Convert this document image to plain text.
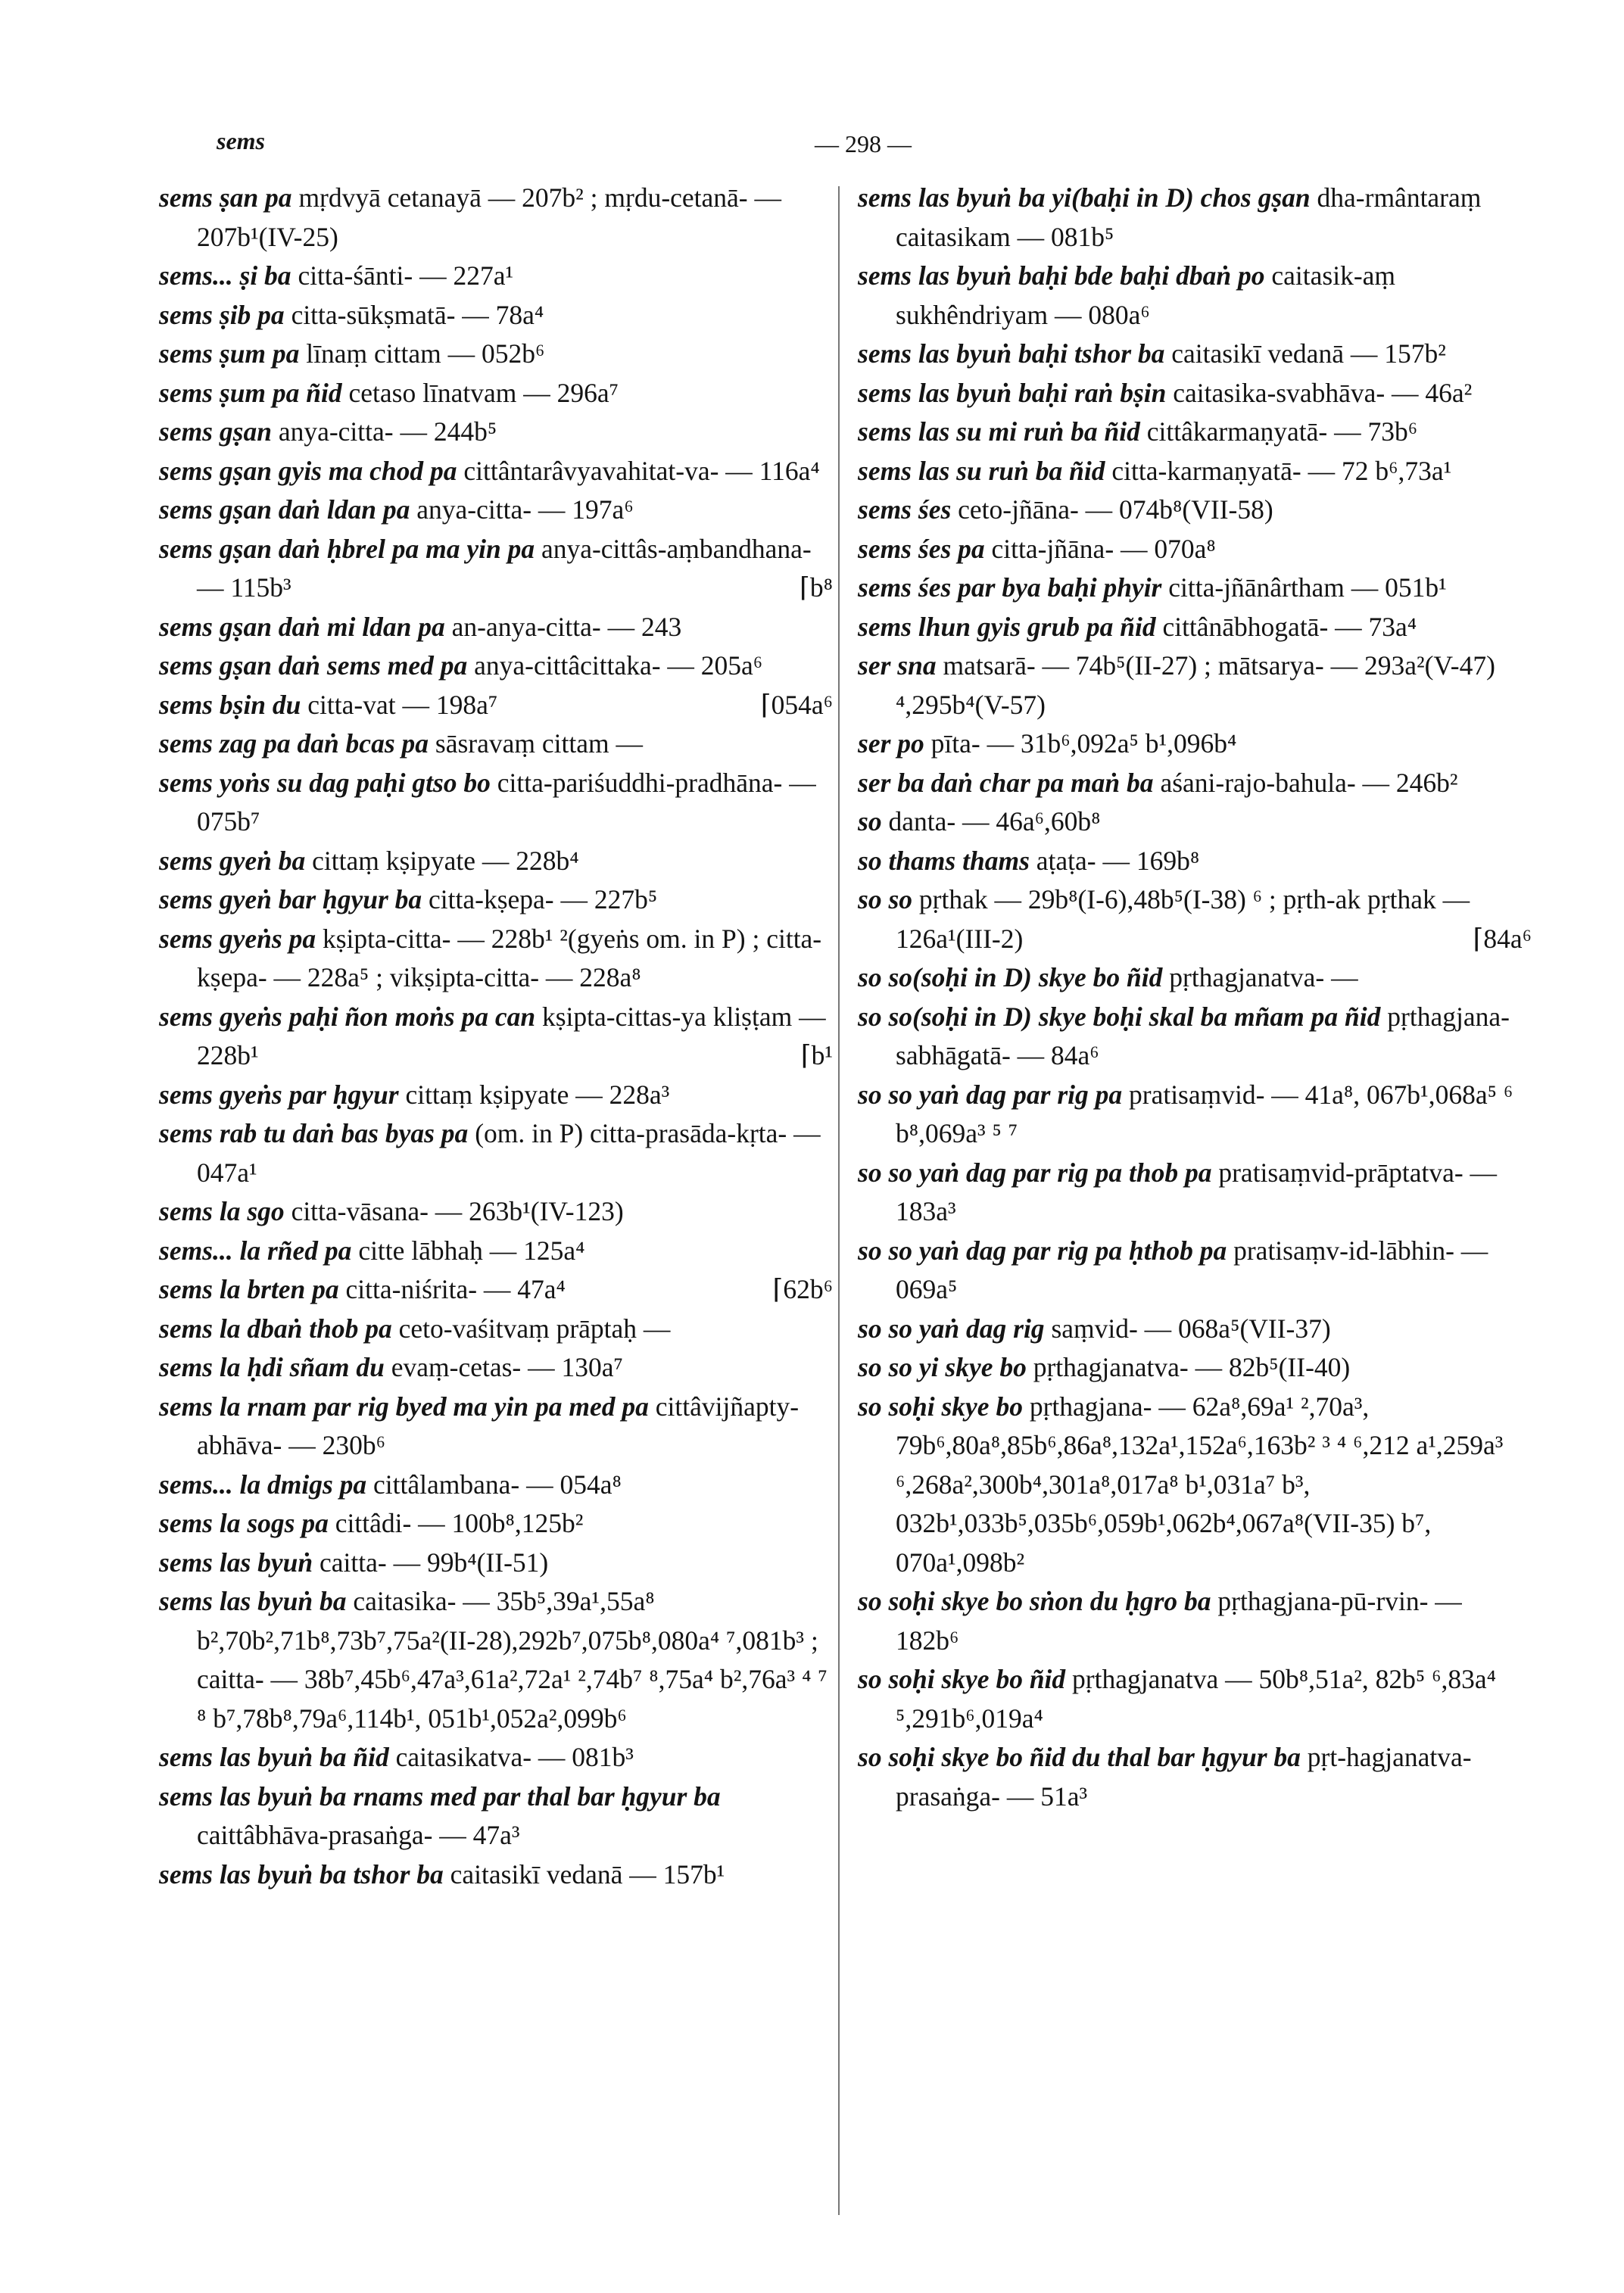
sems	— 298 —
sems ṣan pa mṛdvyā cetanayā — 207b² ; mṛdu-cetanā- — 207b¹(IV-25)
sems... ṣi ba citta-śānti- — 227a¹
sems ṣib pa citta-sūkṣmatā- — 78a⁴
sems ṣum pa līnaṃ cittam — 052b⁶
sems ṣum pa ñid cetaso līnatvam — 296a⁷
sems gṣan anya-citta- — 244b⁵
sems gṣan gyis ma chod pa cittântarâvyavahitat-va- — 116a⁴
sems gṣan daṅ ldan pa anya-citta- — 197a⁶
sems gṣan daṅ ḥbrel pa ma yin pa anya-cittâs-aṃbandhana- — 115b³	⌈b⁸
sems gṣan daṅ mi ldan pa an-anya-citta- — 243
sems gṣan daṅ sems med pa anya-cittâcittaka- — 205a⁶
sems bṣin du citta-vat — 198a⁷	⌈054a⁶
sems zag pa daṅ bcas pa sāsravaṃ cittam —
sems yoṅs su dag paḥi gtso bo citta-pariśuddhi-pradhāna- — 075b⁷
sems gyeṅ ba cittaṃ kṣipyate — 228b⁴
sems gyeṅ bar ḥgyur ba citta-kṣepa- — 227b⁵
sems gyeṅs pa kṣipta-citta- — 228b¹ ²(gyeṅs om. in P) ; citta-kṣepa- — 228a⁵ ; vikṣipta-citta- — 228a⁸
sems gyeṅs paḥi ñon moṅs pa can kṣipta-cittas-ya kliṣṭam — 228b¹	⌈b¹
sems gyeṅs par ḥgyur cittaṃ kṣipyate — 228a³
sems rab tu daṅ bas byas pa (om. in P) citta-prasāda-kṛta- — 047a¹
sems la sgo citta-vāsana- — 263b¹(IV-123)
sems... la rñed pa citte lābhaḥ — 125a⁴
sems la brten pa citta-niśrita- — 47a⁴	⌈62b⁶
sems la dbaṅ thob pa ceto-vaśitvaṃ prāptaḥ —
sems la ḥdi sñam du evaṃ-cetas- — 130a⁷
sems la rnam par rig byed ma yin pa med pa cittâvijñapty-abhāva- — 230b⁶
sems... la dmigs pa cittâlambana- — 054a⁸
sems la sogs pa cittâdi- — 100b⁸,125b²
sems las byuṅ caitta- — 99b⁴(II-51)
sems las byuṅ ba caitasika- — 35b⁵,39a¹,55a⁸ b²,70b²,71b⁸,73b⁷,75a²(II-28),292b⁷,075b⁸,080a⁴ ⁷,081b³ ; caitta- — 38b⁷,45b⁶,47a³,61a²,72a¹ ²,74b⁷ ⁸,75a⁴ b²,76a³ ⁴ ⁷ ⁸ b⁷,78b⁸,79a⁶,114b¹, 051b¹,052a²,099b⁶
sems las byuṅ ba ñid caitasikatva- — 081b³
sems las byuṅ ba rnams med par thal bar ḥgyur ba caittâbhāva-prasaṅga- — 47a³
sems las byuṅ ba tshor ba caitasikī vedanā — 157b¹
sems las byuṅ ba yi(baḥi in D) chos gṣan dha-rmântaraṃ caitasikam — 081b⁵
sems las byuṅ baḥi bde baḥi dbaṅ po caitasik-aṃ sukhêndriyam — 080a⁶
sems las byuṅ baḥi tshor ba caitasikī vedanā — 157b²
sems las byuṅ baḥi raṅ bṣin caitasika-svabhāva- — 46a²
sems las su mi ruṅ ba ñid cittâkarmaṇyatā- — 73b⁶
sems las su ruṅ ba ñid citta-karmaṇyatā- — 72 b⁶,73a¹
sems śes ceto-jñāna- — 074b⁸(VII-58)
sems śes pa citta-jñāna- — 070a⁸
sems śes par bya baḥi phyir citta-jñānârtham — 051b¹
sems lhun gyis grub pa ñid cittânābhogatā- — 73a⁴
ser sna matsarā- — 74b⁵(II-27) ; mātsarya- — 293a²(V-47) ⁴,295b⁴(V-57)
ser po pīta- — 31b⁶,092a⁵ b¹,096b⁴
ser ba daṅ char pa maṅ ba aśani-rajo-bahula- — 246b²
so danta- — 46a⁶,60b⁸
so thams thams aṭaṭa- — 169b⁸
so so pṛthak — 29b⁸(I-6),48b⁵(I-38) ⁶ ; pṛth-ak pṛthak — 126a¹(III-2)	⌈84a⁶
so so(soḥi in D) skye bo ñid pṛthagjanatva- —
so so(soḥi in D) skye boḥi skal ba mñam pa ñid pṛthagjana-sabhāgatā- — 84a⁶
so so yaṅ dag par rig pa pratisaṃvid- — 41a⁸, 067b¹,068a⁵ ⁶ b⁸,069a³ ⁵ ⁷
so so yaṅ dag par rig pa thob pa pratisaṃvid-prāptatva- — 183a³
so so yaṅ dag par rig pa ḥthob pa pratisaṃv-id-lābhin- — 069a⁵
so so yaṅ dag rig saṃvid- — 068a⁵(VII-37)
so so yi skye bo pṛthagjanatva- — 82b⁵(II-40)
so soḥi skye bo pṛthagjana- — 62a⁸,69a¹ ²,70a³, 79b⁶,80a⁸,85b⁶,86a⁸,132a¹,152a⁶,163b² ³ ⁴ ⁶,212 a¹,259a³ ⁶,268a²,300b⁴,301a⁸,017a⁸ b¹,031a⁷ b³, 032b¹,033b⁵,035b⁶,059b¹,062b⁴,067a⁸(VII-35) b⁷, 070a¹,098b²
so soḥi skye bo sṅon du ḥgro ba pṛthagjana-pū-rvin- — 182b⁶
so soḥi skye bo ñid pṛthagjanatva — 50b⁸,51a², 82b⁵ ⁶,83a⁴ ⁵,291b⁶,019a⁴
so soḥi skye bo ñid du thal bar ḥgyur ba pṛt-hagjanatva-prasaṅga- — 51a³
